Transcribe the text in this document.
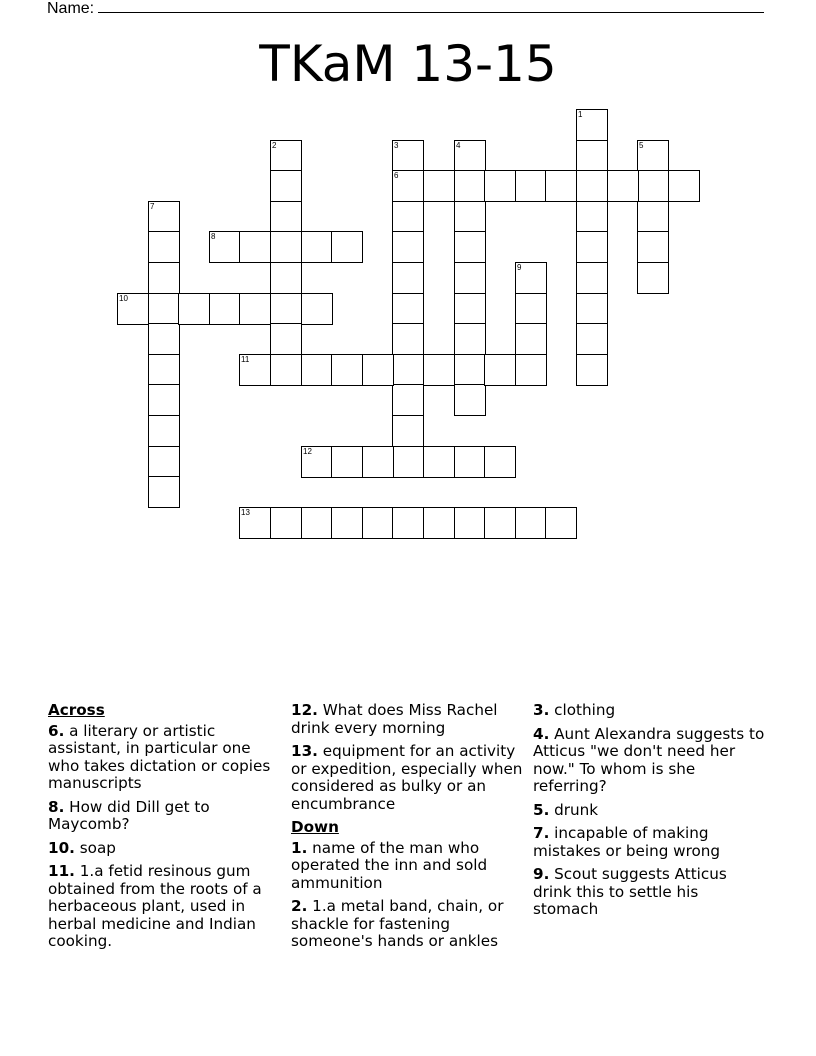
Name:
TKaM 13-15
1
2	3
6
4	5
7
8
9
10
11
12
13
Across
6. a literary or artistic assistant, in particular one who takes dictation or copies manuscripts
8. How did Dill get to Maycomb?
10. soap
11. 1.a fetid resinous gum obtained from the roots of a herbaceous plant, used in herbal medicine and Indian cooking.
12. What does Miss Rachel drink every morning
13. equipment for an activity or expedition, especially when considered as bulky or an encumbrance
Down
1. name of the man who operated the inn and sold ammunition
2. 1.a metal band, chain, or shackle for fastening someone's hands or ankles
3. clothing
4. Aunt Alexandra suggests to Atticus "we don't need her now." To whom is she referring?
5. drunk
7. incapable of making mistakes or being wrong
9. Scout suggests Atticus drink this to settle his stomach
